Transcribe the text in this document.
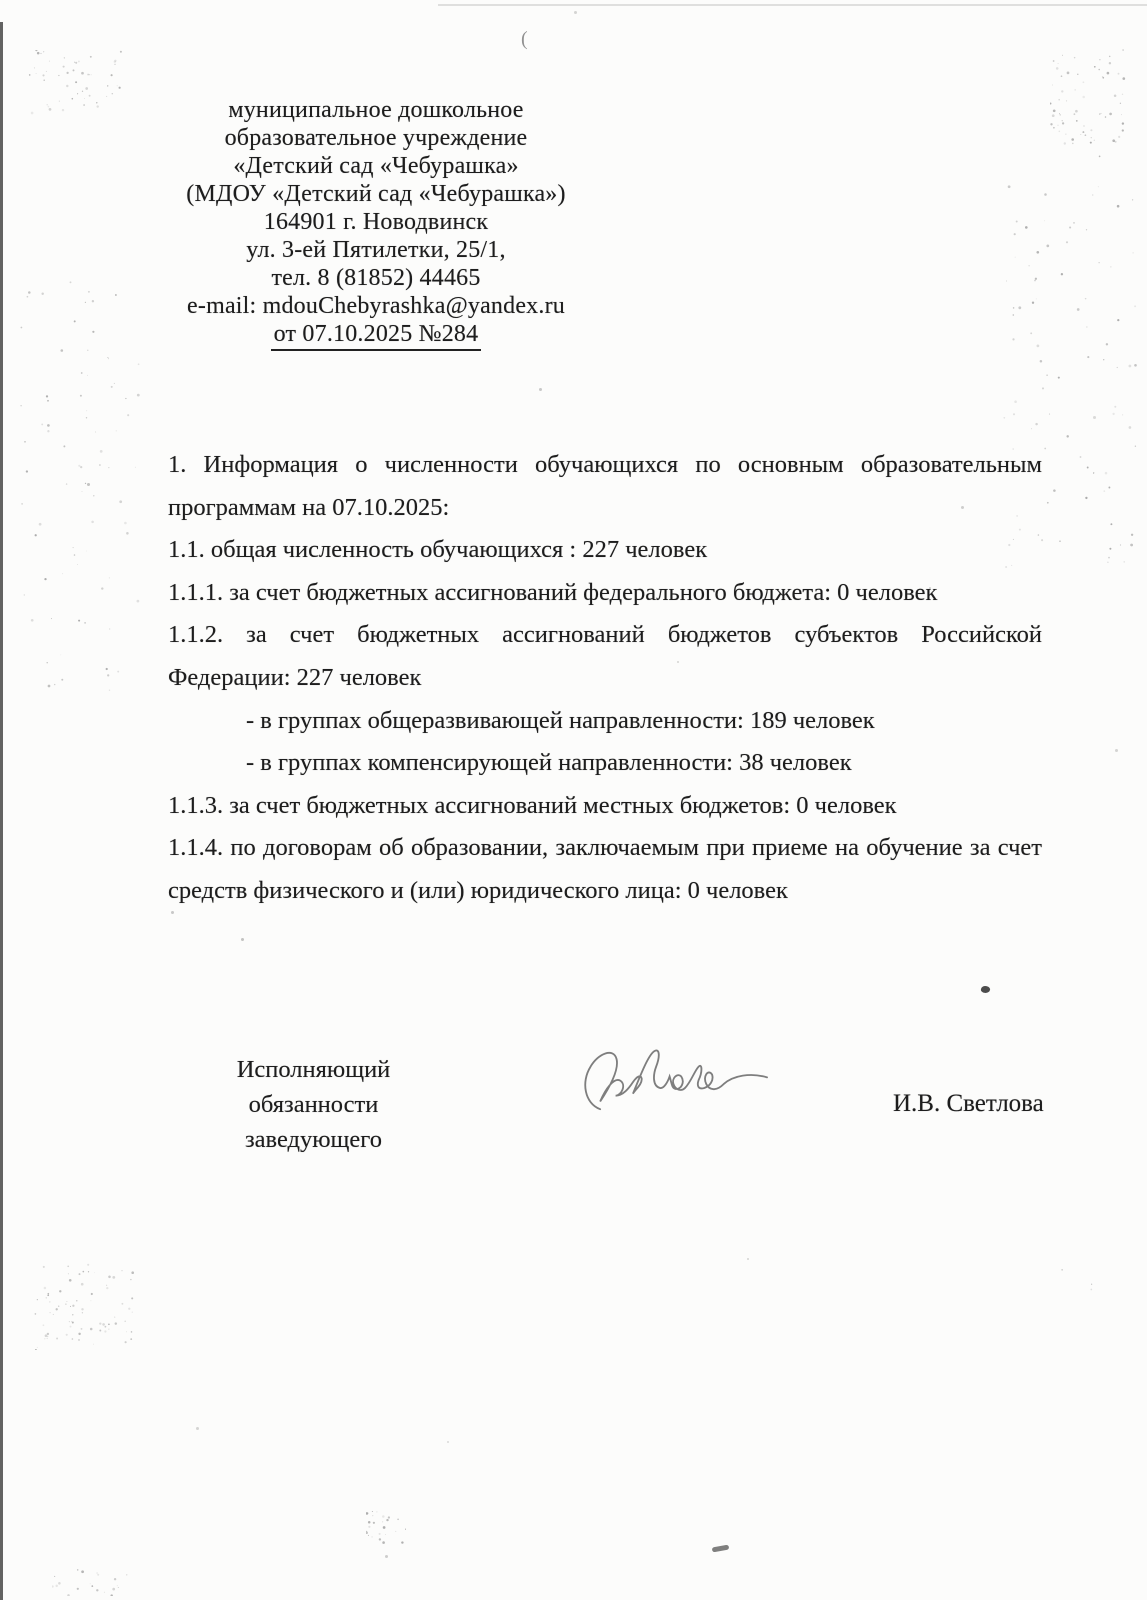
(
муниципальное дошкольное
образовательное учреждение
«Детский сад «Чебурашка»
(МДОУ «Детский сад «Чебурашка»)
164901 г. Новодвинск
ул. 3-ей Пятилетки, 25/1,
тел. 8 (81852) 44465
e-mail: mdouChebyrashka@yandex.ru
от 07.10.2025 №284
1. Информация о численности обучающихся по основным образовательным
программам на 07.10.2025:
1.1. общая численность обучающихся : 227 человек
1.1.1. за счет бюджетных ассигнований федерального бюджета: 0 человек
1.1.2. за счет бюджетных ассигнований бюджетов субъектов Российской
Федерации: 227 человек
- в группах общеразвивающей направленности: 189 человек
- в группах компенсирующей направленности: 38 человек
1.1.3. за счет бюджетных ассигнований местных бюджетов: 0 человек
1.1.4. по договорам об образовании, заключаемым при приеме на обучение за счет
средств физического и (или) юридического лица: 0 человек
Исполняющий обязанности
заведующего
И.В. Светлова
